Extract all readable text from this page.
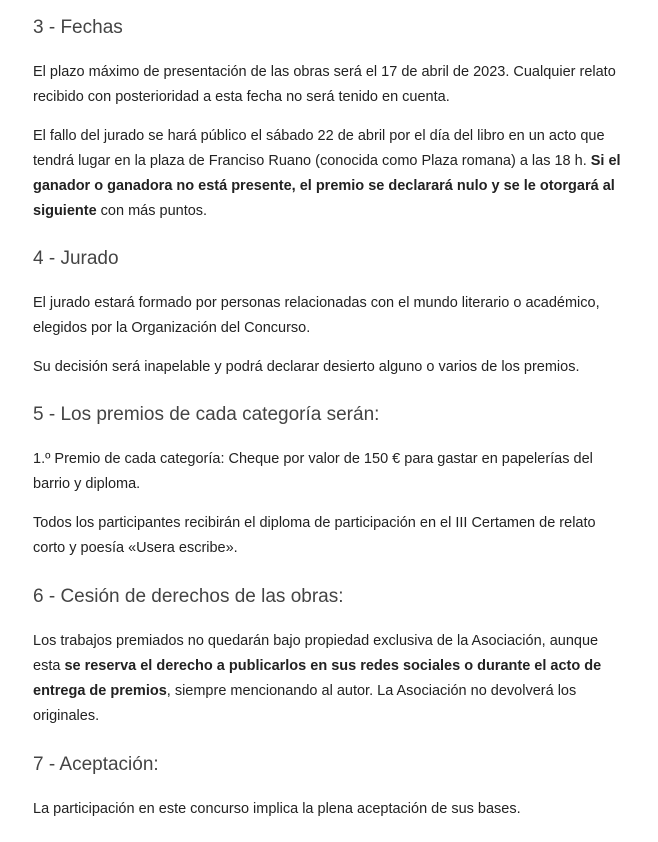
3 - Fechas

El plazo máximo de presentación de las obras será el 17 de abril de 2023. Cualquier relato recibido con posterioridad a esta fecha no será tenido en cuenta.

El fallo del jurado se hará público el sábado 22 de abril por el día del libro en un acto que tendrá lugar en la plaza de Franciso Ruano (conocida como Plaza romana) a las 18 h. Si el ganador o ganadora no está presente, el premio se declarará nulo y se le otorgará al siguiente con más puntos.

4 - Jurado

El jurado estará formado por personas relacionadas con el mundo literario o académico, elegidos por la Organización del Concurso.

Su decisión será inapelable y podrá declarar desierto alguno o varios de los premios.

5 - Los premios de cada categoría serán:

1.º Premio de cada categoría: Cheque por valor de 150 € para gastar en papelerías del barrio y diploma.

Todos los participantes recibirán el diploma de participación en el III Certamen de relato corto y poesía «Usera escribe».

6 - Cesión de derechos de las obras:

Los trabajos premiados no quedarán bajo propiedad exclusiva de la Asociación, aunque esta se reserva el derecho a publicarlos en sus redes sociales o durante el acto de entrega de premios, siempre mencionando al autor. La Asociación no devolverá los originales.

7 - Aceptación:

La participación en este concurso implica la plena aceptación de sus bases.
